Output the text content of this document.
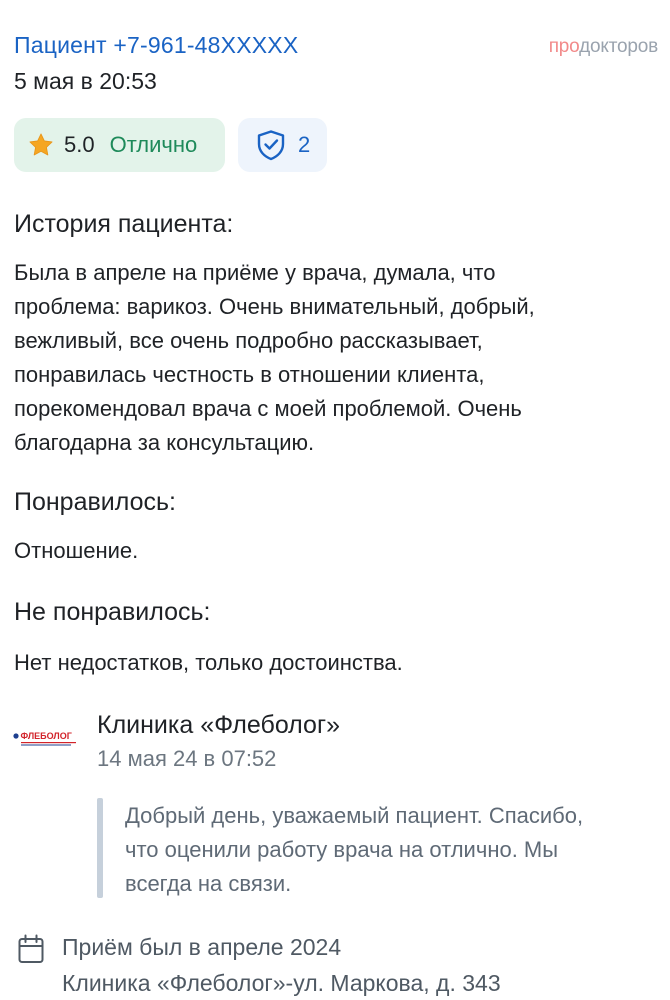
Пациент +7-961-48XXXXX
5 мая в 20:53
продокторов
5.0 Отлично	2
История пациента:
Была в апреле на приёме у врача, думала, что
проблема: варикоз. Очень внимательный, добрый,
вежливый, все очень подробно рассказывает,
понравилась честность в отношении клиента,
порекомендовал врача с моей проблемой. Очень
благодарна за консультацию.
Понравилось:
Отношение.
Не понравилось:
Нет недостатков, только достоинства.
ФЛЕБОЛОГ Клиника «Флеболог»
14 мая 24 в 07:52
Добрый день, уважаемый пациент. Спасибо,
что оценили работу врача на отлично. Мы
всегда на связи.
Приём был в апреле 2024
Клиника «Флеболог»-ул. Маркова, д. 343
